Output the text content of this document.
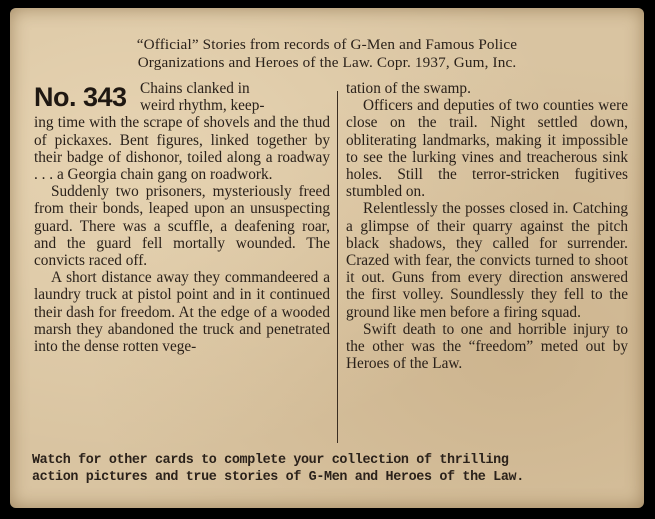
“Official” Stories from records of G-Men and Famous Police
Organizations and Heroes of the Law. Copr. 1937, Gum, Inc.
No. 343 Chains clanked in
weird rhythm, keep-

ing time with the scrape of shovels and the thud of pickaxes. Bent figures, linked together by their badge of dishonor, toiled along a roadway . . . a Georgia chain gang on roadwork.

Suddenly two prisoners, mysteriously freed from their bonds, leaped upon an unsuspecting guard. There was a scuffle, a deafening roar, and the guard fell mortally wounded. The convicts raced off.

A short distance away they commandeered a laundry truck at pistol point and in it continued their dash for freedom. At the edge of a wooded marsh they abandoned the truck and penetrated into the dense rotten vege-

tation of the swamp.

Officers and deputies of two counties were close on the trail. Night settled down, obliterating landmarks, making it impossible to see the lurking vines and treacherous sink holes. Still the terror-stricken fugitives stumbled on.

Relentlessly the posses closed in. Catching a glimpse of their quarry against the pitch black shadows, they called for surrender. Crazed with fear, the convicts turned to shoot it out. Guns from every direction answered the first volley. Soundlessly they fell to the ground like men before a firing squad.

Swift death to one and horrible injury to the other was the “freedom” meted out by Heroes of the Law.

Watch for other cards to complete your collection of thrilling
action pictures and true stories of G-Men and Heroes of the Law.
